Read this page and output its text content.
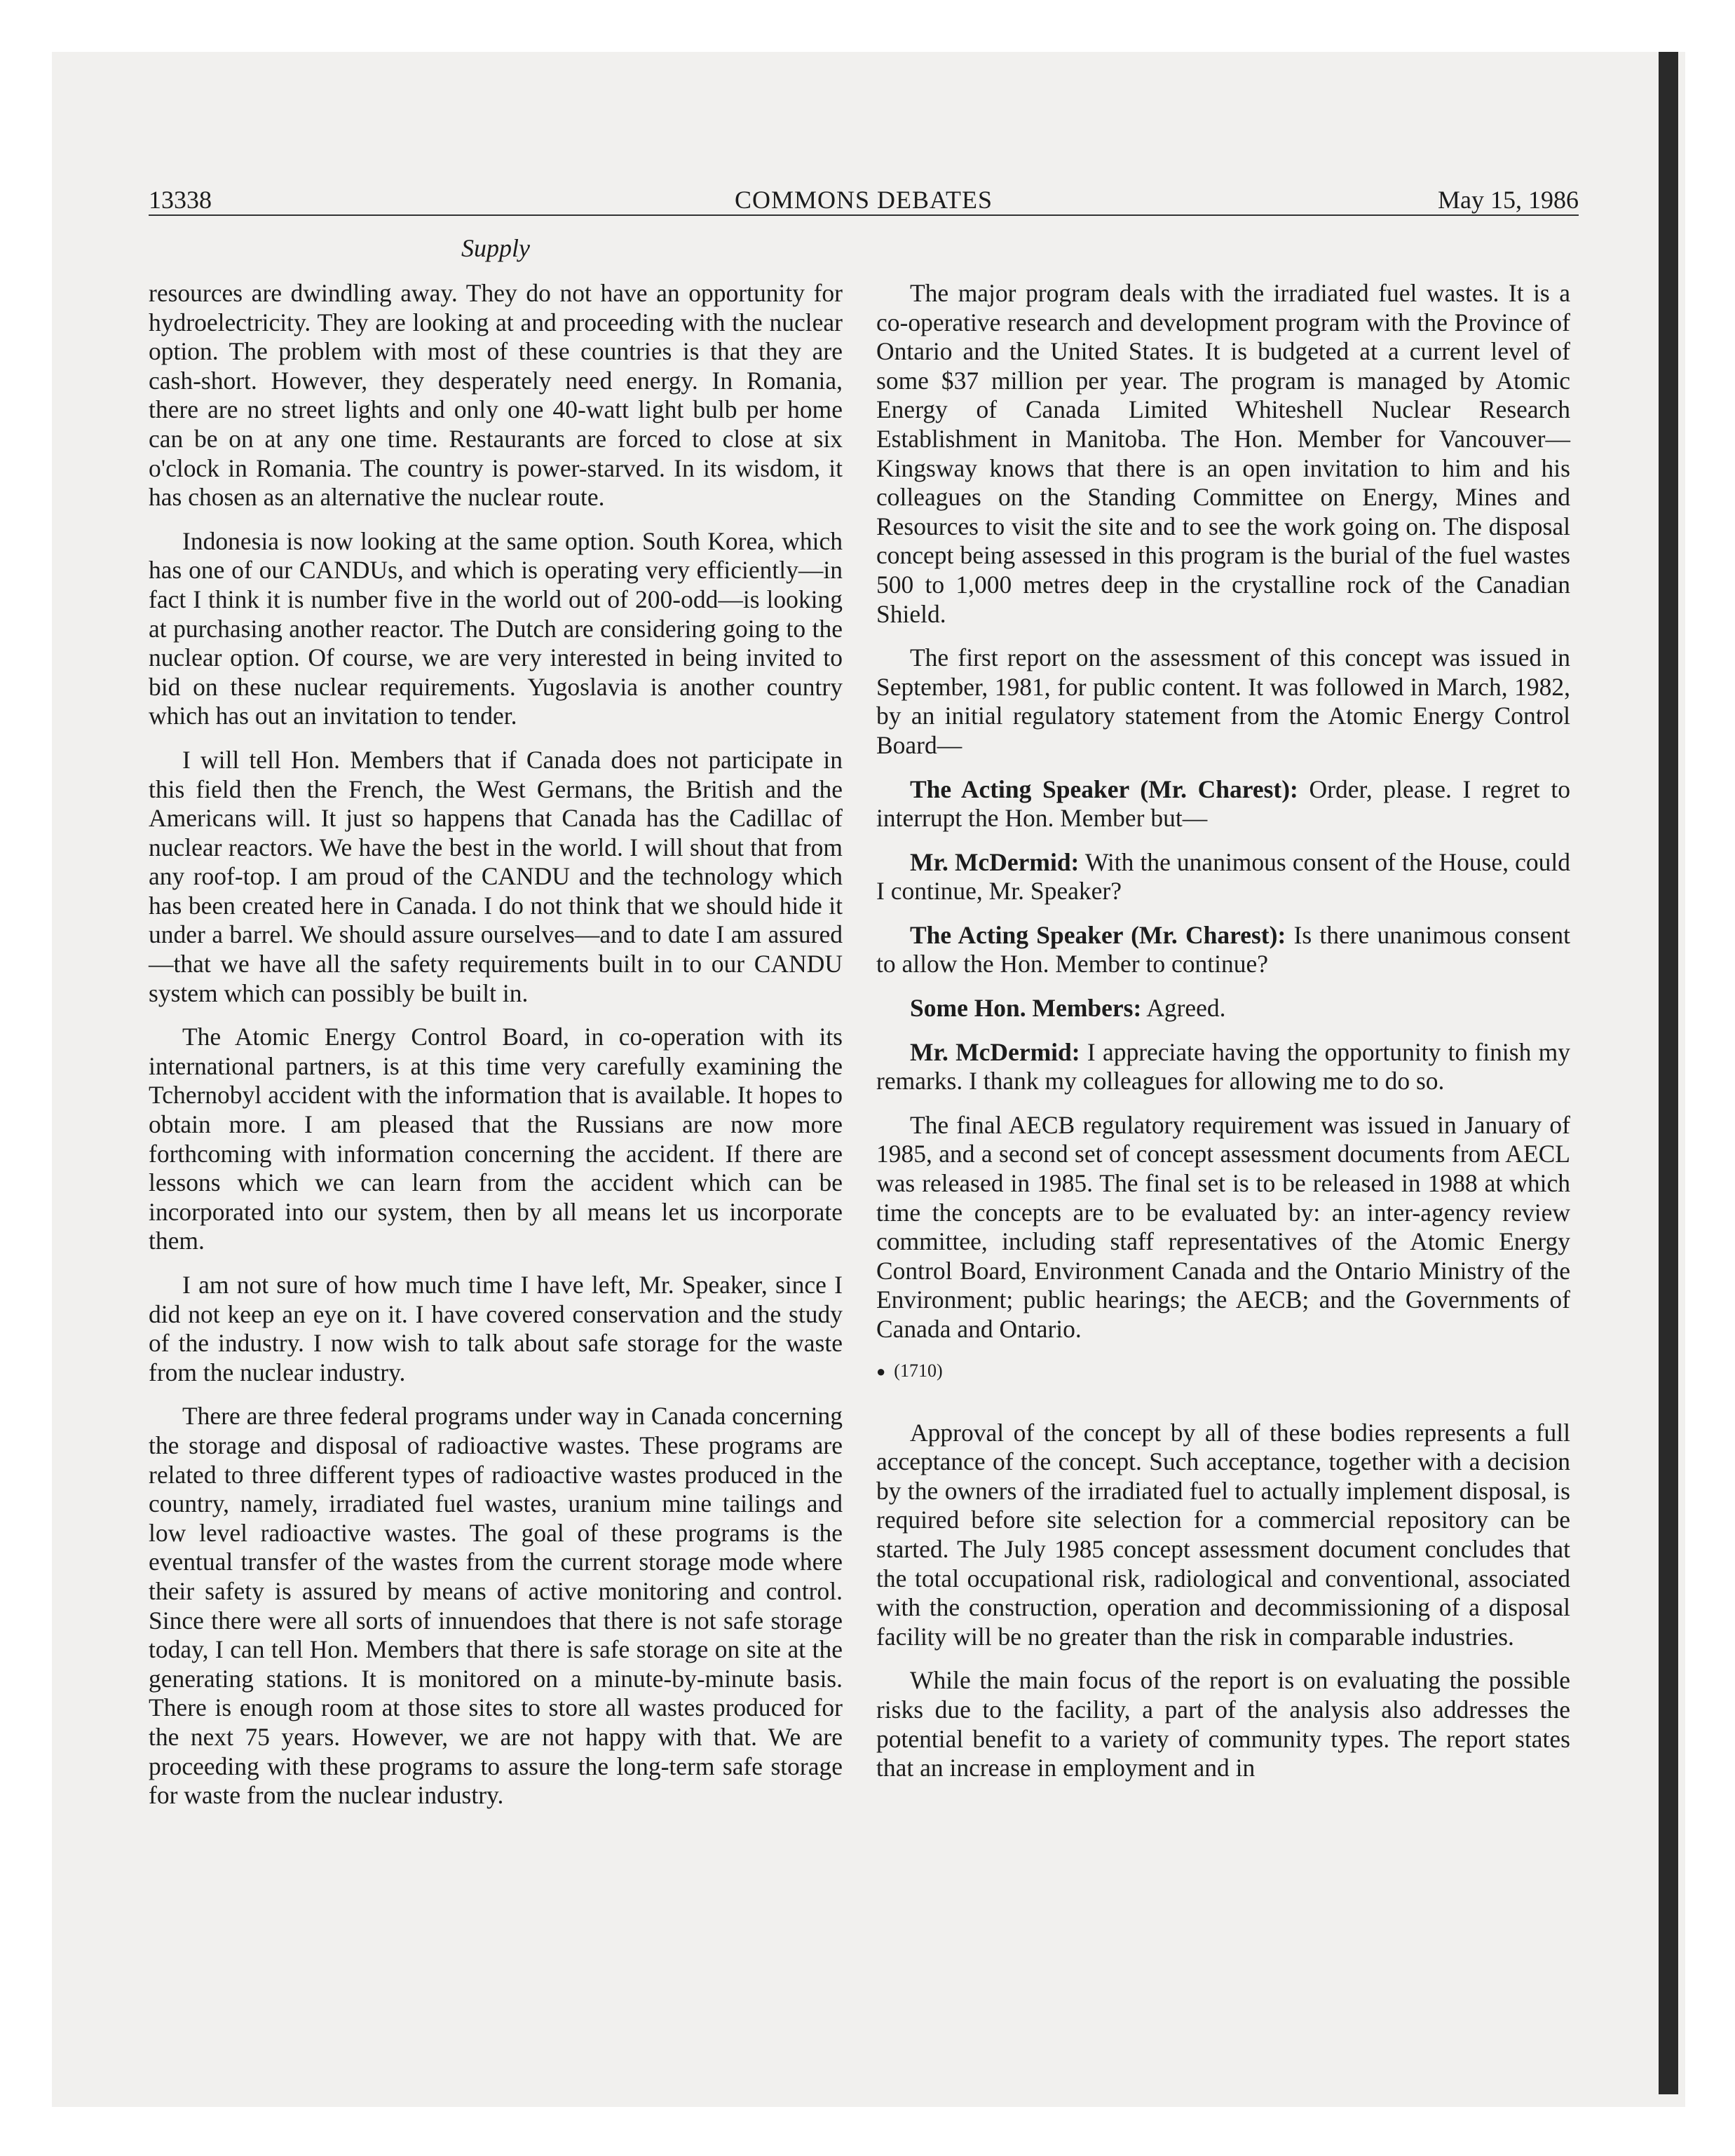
13338	COMMONS DEBATES	May 15, 1986
Supply

resources are dwindling away. They do not have an opportunity for hydroelectricity. They are looking at and proceeding with the nuclear option. The problem with most of these countries is that they are cash-short. However, they desperately need energy. In Romania, there are no street lights and only one 40-watt light bulb per home can be on at any one time. Restaurants are forced to close at six o'clock in Romania. The country is power-starved. In its wisdom, it has chosen as an alternative the nuclear route.

Indonesia is now looking at the same option. South Korea, which has one of our CANDUs, and which is operating very efficiently—in fact I think it is number five in the world out of 200-odd—is looking at purchasing another reactor. The Dutch are considering going to the nuclear option. Of course, we are very interested in being invited to bid on these nuclear requirements. Yugoslavia is another country which has out an invitation to tender.

I will tell Hon. Members that if Canada does not participate in this field then the French, the West Germans, the British and the Americans will. It just so happens that Canada has the Cadillac of nuclear reactors. We have the best in the world. I will shout that from any roof-top. I am proud of the CANDU and the technology which has been created here in Canada. I do not think that we should hide it under a barrel. We should assure ourselves—and to date I am assured—that we have all the safety requirements built in to our CANDU system which can possibly be built in.

The Atomic Energy Control Board, in co-operation with its international partners, is at this time very carefully examining the Tchernobyl accident with the information that is available. It hopes to obtain more. I am pleased that the Russians are now more forthcoming with information concerning the accident. If there are lessons which we can learn from the accident which can be incorporated into our system, then by all means let us incorporate them.

I am not sure of how much time I have left, Mr. Speaker, since I did not keep an eye on it. I have covered conservation and the study of the industry. I now wish to talk about safe storage for the waste from the nuclear industry.

There are three federal programs under way in Canada concerning the storage and disposal of radioactive wastes. These programs are related to three different types of radioactive wastes produced in the country, namely, irradiated fuel wastes, uranium mine tailings and low level radioactive wastes. The goal of these programs is the eventual transfer of the wastes from the current storage mode where their safety is assured by means of active monitoring and control. Since there were all sorts of innuendoes that there is not safe storage today, I can tell Hon. Members that there is safe storage on site at the generating stations. It is monitored on a minute-by-minute basis. There is enough room at those sites to store all wastes produced for the next 75 years. However, we are not happy with that. We are proceeding with these programs to assure the long-term safe storage for waste from the nuclear industry.

The major program deals with the irradiated fuel wastes. It is a co-operative research and development program with the Province of Ontario and the United States. It is budgeted at a current level of some $37 million per year. The program is managed by Atomic Energy of Canada Limited Whiteshell Nuclear Research Establishment in Manitoba. The Hon. Member for Vancouver—Kingsway knows that there is an open invitation to him and his colleagues on the Standing Committee on Energy, Mines and Resources to visit the site and to see the work going on. The disposal concept being assessed in this program is the burial of the fuel wastes 500 to 1,000 metres deep in the crystalline rock of the Canadian Shield.

The first report on the assessment of this concept was issued in September, 1981, for public content. It was followed in March, 1982, by an initial regulatory statement from the Atomic Energy Control Board—

The Acting Speaker (Mr. Charest): Order, please. I regret to interrupt the Hon. Member but—

Mr. McDermid: With the unanimous consent of the House, could I continue, Mr. Speaker?

The Acting Speaker (Mr. Charest): Is there unanimous consent to allow the Hon. Member to continue?

Some Hon. Members: Agreed.

Mr. McDermid: I appreciate having the opportunity to finish my remarks. I thank my colleagues for allowing me to do so.

The final AECB regulatory requirement was issued in January of 1985, and a second set of concept assessment documents from AECL was released in 1985. The final set is to be released in 1988 at which time the concepts are to be evaluated by: an inter-agency review committee, including staff representatives of the Atomic Energy Control Board, Environment Canada and the Ontario Ministry of the Environment; public hearings; the AECB; and the Governments of Canada and Ontario.

● (1710)

Approval of the concept by all of these bodies represents a full acceptance of the concept. Such acceptance, together with a decision by the owners of the irradiated fuel to actually implement disposal, is required before site selection for a commercial repository can be started. The July 1985 concept assessment document concludes that the total occupational risk, radiological and conventional, associated with the construction, operation and decommissioning of a disposal facility will be no greater than the risk in comparable industries.

While the main focus of the report is on evaluating the possible risks due to the facility, a part of the analysis also addresses the potential benefit to a variety of community types. The report states that an increase in employment and in
